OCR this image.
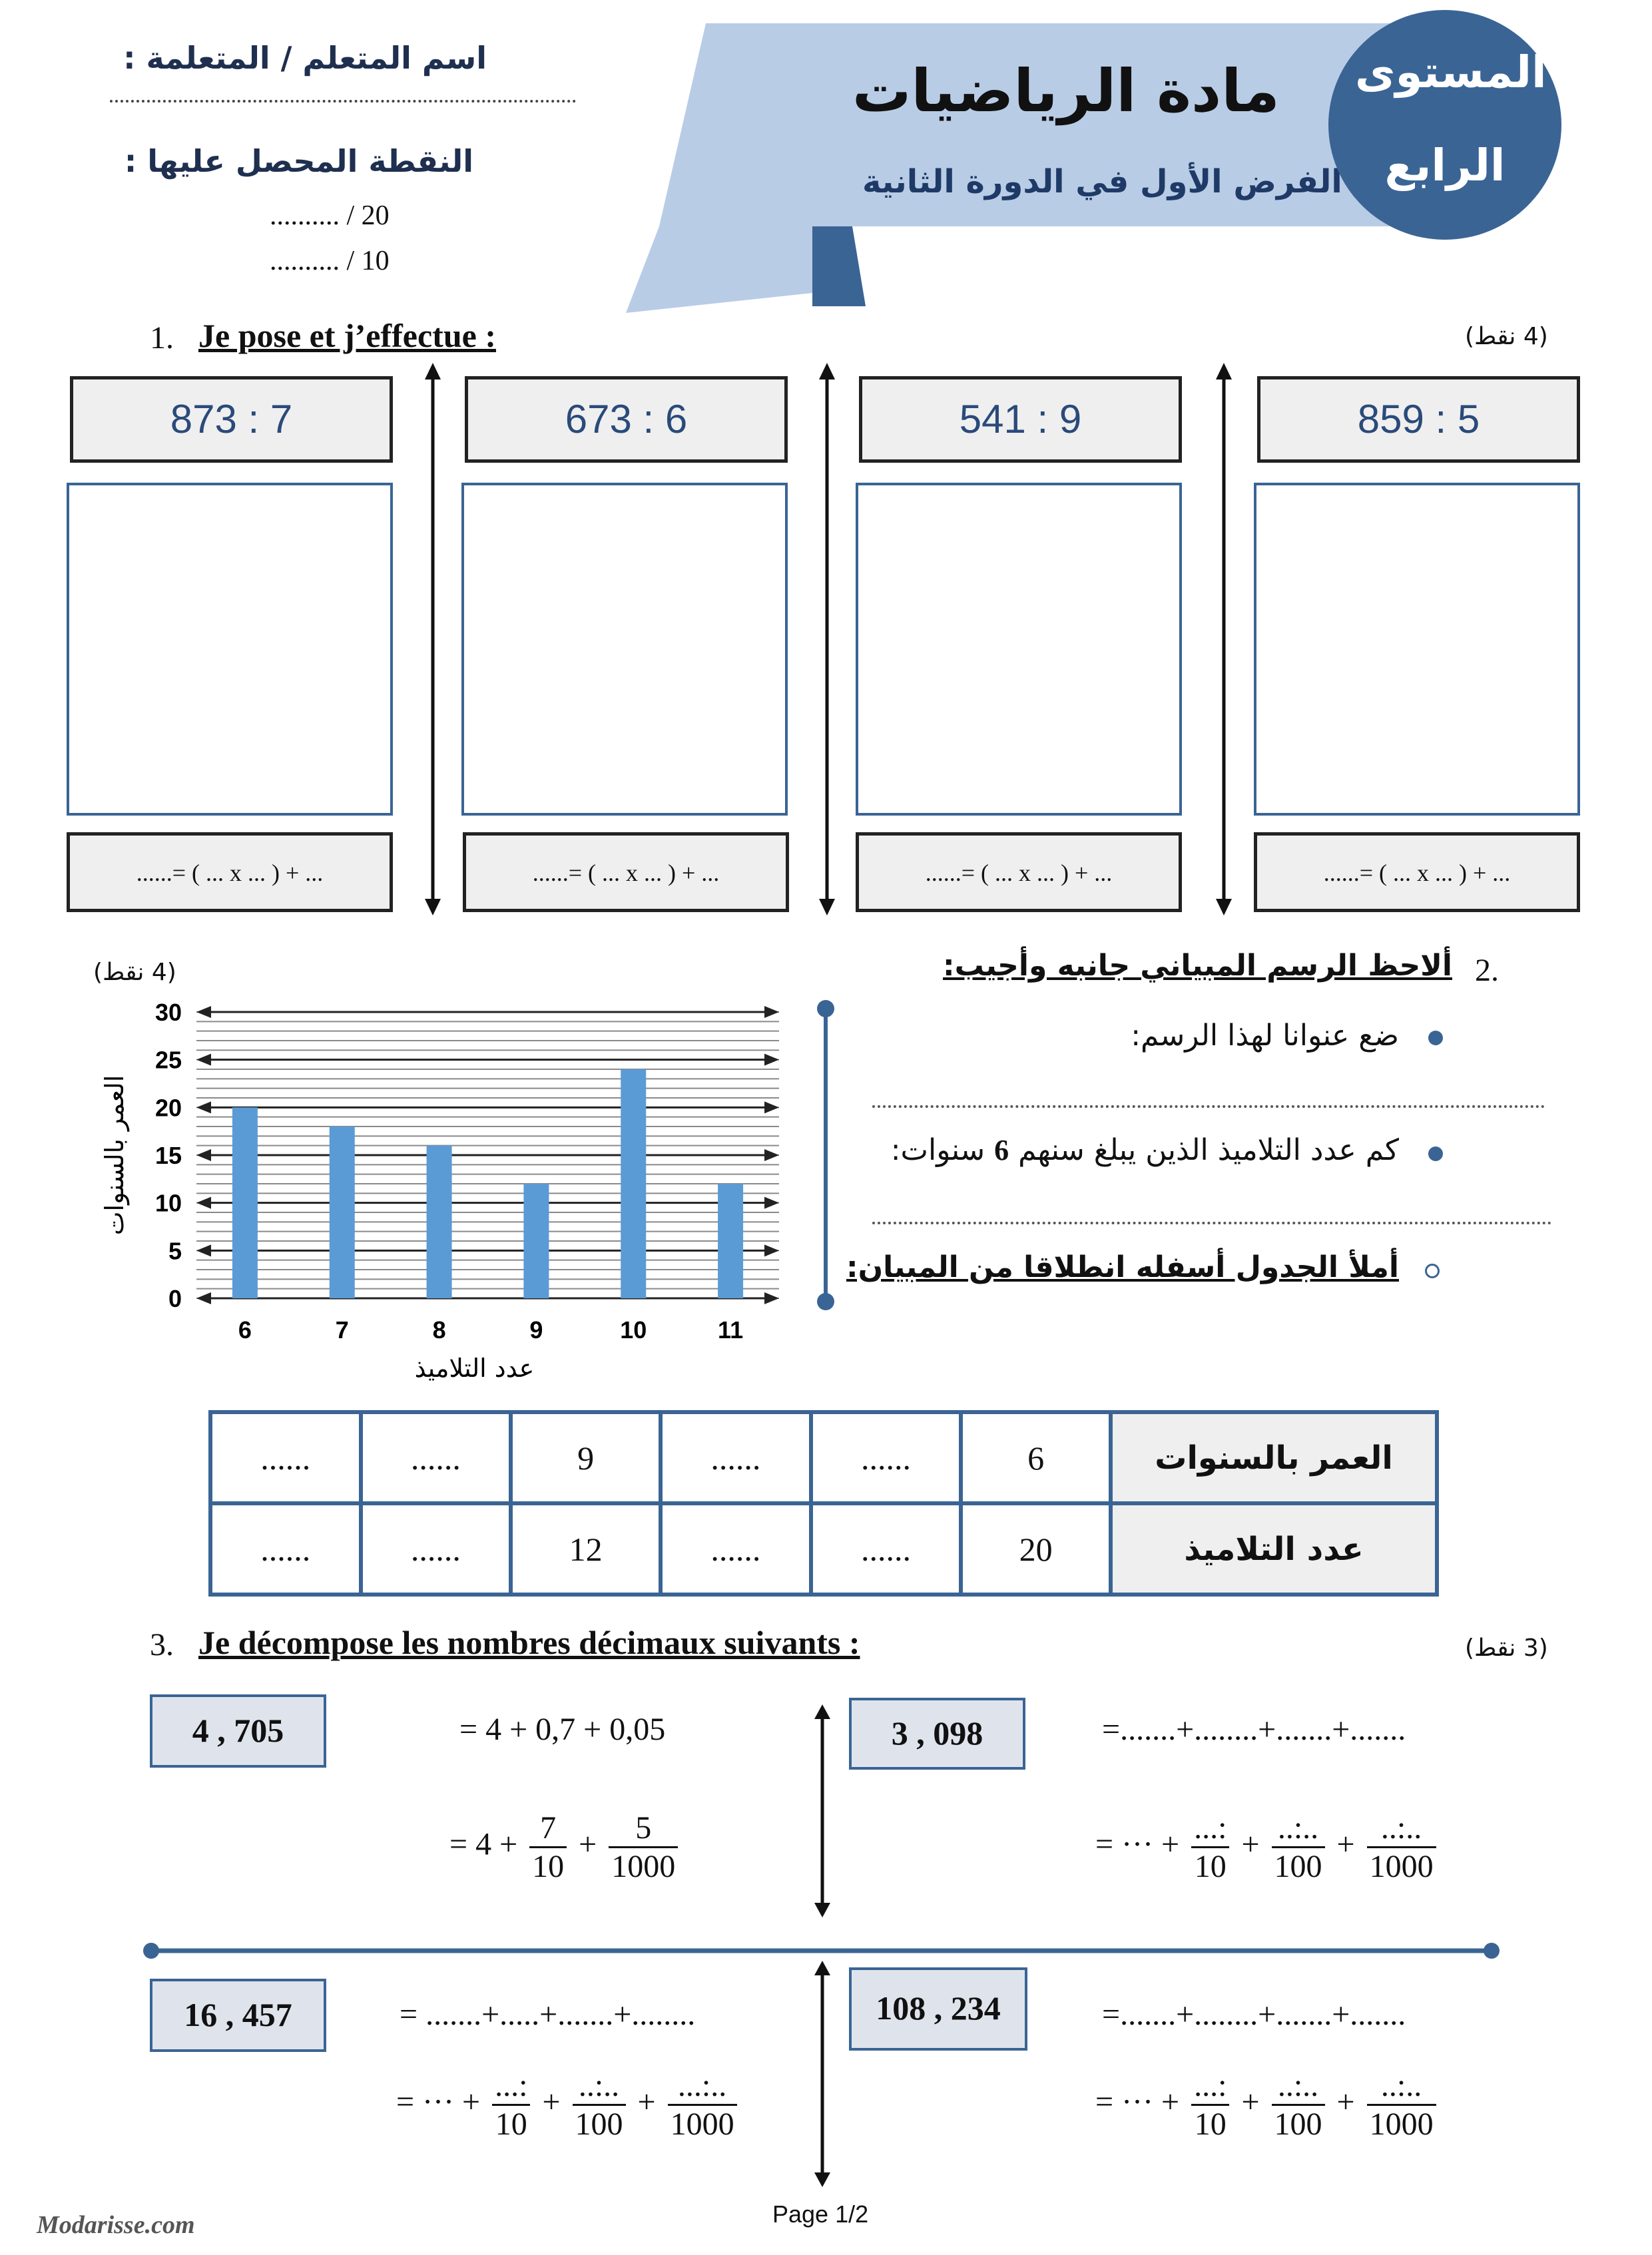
اسم المتعلم / المتعلمة :
النقطة المحصل عليها :
.......... / 20
.......... / 10
مادة الرياضيات
الفرض الأول في الدورة الثانية
المستوى
الرابع
1. Je pose et j’effectue :	(4 نقط)
873 : 7
......= ( ... x ... ) + ...
673 : 6
......= ( ... x ... ) + ...
541 : 9
......= ( ... x ... ) + ...
859 : 5
......= ( ... x ... ) + ...
(4 نقط)
0
5
10
15
20
25
30
6	7	8	9	10	11
عدد التلاميذ
العمر بالسنوات
2.
ألاحظ الرسم المبياني جانبه وأجيب:
ضع عنوانا لهذا الرسم:
كم عدد التلاميذ الذين يبلغ سنهم 6 سنوات:
أملأ الجدول أسفله انطلاقا من المبيان:
......	......	9	......	......	6	العمر بالسنوات
......	......	12	......	......	20	عدد التلاميذ
3. Je décompose les nombres décimaux suivants :	(3 نقط)
4 , 705	= 4 + 0,7 + 0,05
= $4 + \frac{7}{10} + \frac{5}{1000}$
3 , 098	=.......+........+.......+.......
= ··· + $\frac{...:}{10} + \frac{..:..}{100} + \frac{..:..}{1000}$
16 , 457	= .......+.....+.......+........
= ··· + $\frac{...:}{10} + \frac{..:..}{100} + \frac{...:..}{1000}$
108 , 234	=.......+........+.......+.......
= ··· + $\frac{...:}{10} + \frac{..:..}{100} + \frac{..:..}{1000}$
Page 1/2
Modarisse.com
